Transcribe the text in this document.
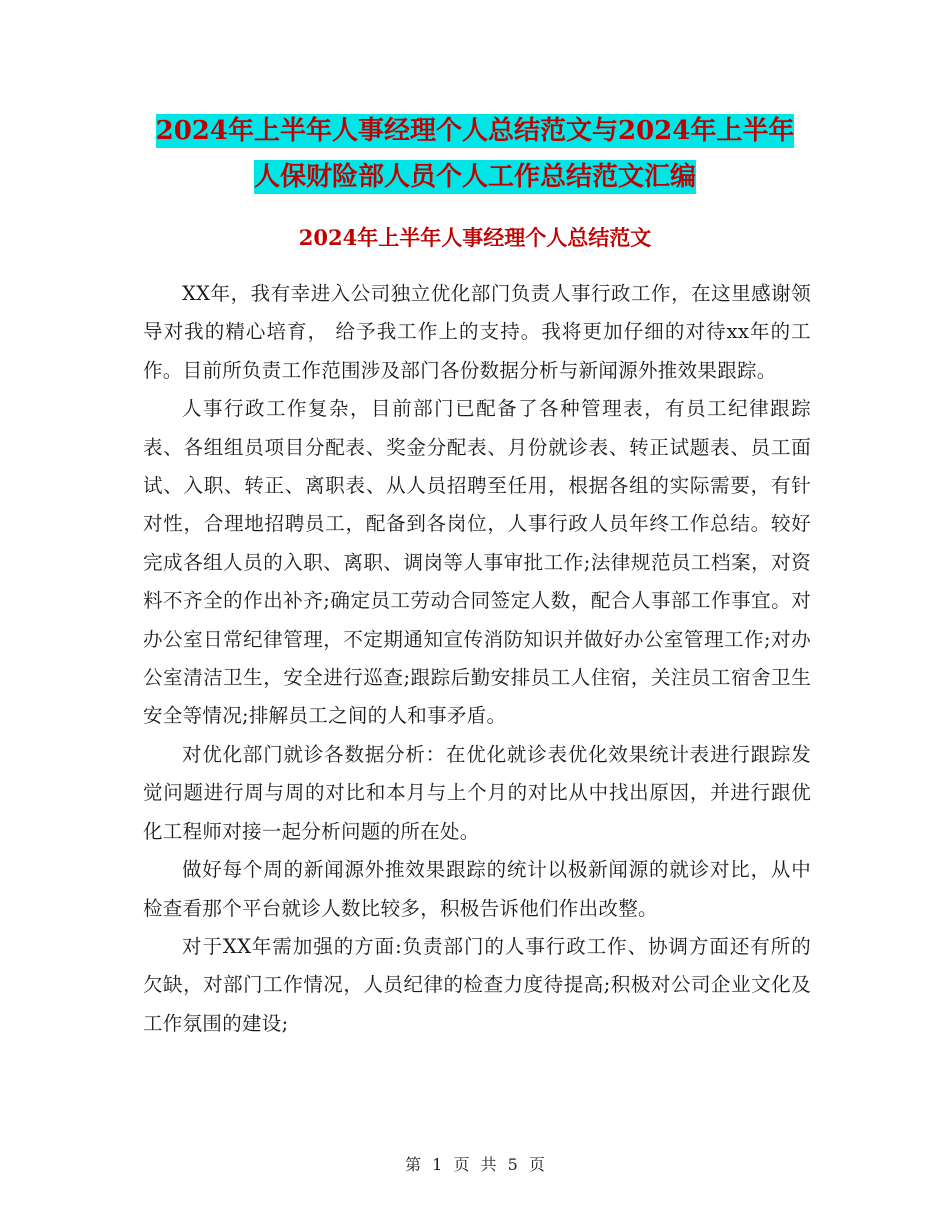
2024年上半年人事经理个人总结范文与2024年上半年
人保财险部人员个人工作总结范文汇编
2024年上半年人事经理个人总结范文

XX年，我有幸进入公司独立优化部门负责人事行政工作，在这里感谢领导对我的精心培育， 给予我工作上的支持。我将更加仔细的对待xx年的工作。目前所负责工作范围涉及部门各份数据分析与新闻源外推效果跟踪。

人事行政工作复杂，目前部门已配备了各种管理表，有员工纪律跟踪表、各组组员项目分配表、奖金分配表、月份就诊表、转正试题表、员工面试、入职、转正、离职表、从人员招聘至任用，根据各组的实际需要，有针对性，合理地招聘员工，配备到各岗位，人事行政人员年终工作总结。较好完成各组人员的入职、离职、调岗等人事审批工作;法律规范员工档案，对资料不齐全的作出补齐;确定员工劳动合同签定人数，配合人事部工作事宜。对办公室日常纪律管理，不定期通知宣传消防知识并做好办公室管理工作;对办公室清洁卫生，安全进行巡查;跟踪后勤安排员工人住宿，关注员工宿舍卫生安全等情况;排解员工之间的人和事矛盾。

对优化部门就诊各数据分析：在优化就诊表优化效果统计表进行跟踪发觉问题进行周与周的对比和本月与上个月的对比从中找出原因，并进行跟优化工程师对接一起分析问题的所在处。

做好每个周的新闻源外推效果跟踪的统计以极新闻源的就诊对比，从中检查看那个平台就诊人数比较多，积极告诉他们作出改整。

对于XX年需加强的方面:负责部门的人事行政工作、协调方面还有所的欠缺，对部门工作情况，人员纪律的检查力度待提高;积极对公司企业文化及工作氛围的建设;

第 1 页 共 5 页
